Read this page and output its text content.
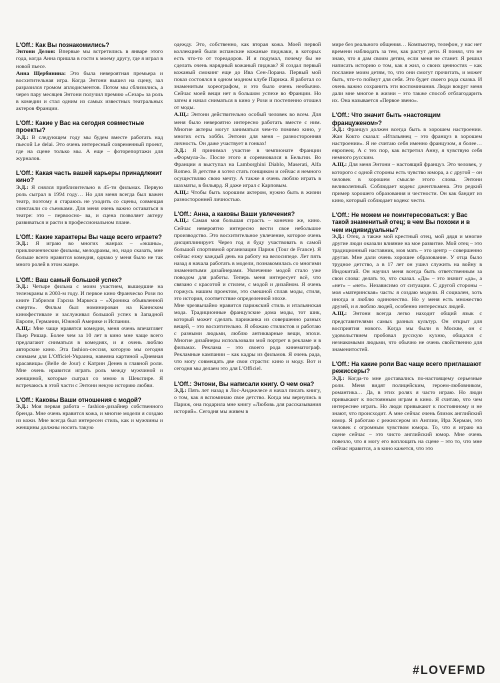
L'Off.: Как Вы познакомились?

Энтони Делон: Впервые мы встретились в январе этого года, когда Анна пришла в гости к моему другу, где я играл в новой пьесе.

Анна Щербинина: Это была невероятная премьера и восхитительная игра. Когда Энтони вышел на сцену, зал разразился громом аплодисментов. Потом мы сблизились, а через пару месяцев Энтони получил премию «Сезар» за роль в комедии и стал одним из самых известных театральных актеров Франции.

L'Off.: Какие у Вас на сегодня совместные проекты?

Э.Д.: В следующем году мы будем вместе работать над пьесой Le delai. Это очень интересный современный проект, где на сцене только мы. А еще – фоторепортажи для журналов.

L'Off.: Какая часть вашей карьеры принадлежит кино?

Э.Д.: Я снялся приблизительно в 45-ти фильмах. Первую роль сыграл в 1994 году… Но для меня всегда был важен театр, поэтому я стараюсь не уходить со сцены, совмещая спектакли со съемками. Для меня очень важно оставаться в театре: это – первоосно- ва, и сцена позволяет актеру развиваться и расти в профессиональном плане.

L'Off.: Какие характеры Вы чаще всего играете?

Э.Д.: Я играю во многих жанрах – «экшны», приключенческие фильмы, мелодрамы, но, надо сказать, мне больше всего нравится комедия, однако у меня было не так много ролей в этом жанре.

L'Off.: Ваш самый большой успех?

Э.Д.: Четыре фильма с моим участием, вышедшие на телеэкраны в 2003-м году. И первое кино Франческо Рози по книге Габриэля Гарсиа Маркеса – «Хроника объявленной смерти». Фильм был номинирован на Каннском кинофестивале и заслуживал большой успех в Западной Европе, Германии, Южной Америке и Испании.

А.Щ.: Мне чаще нравятся комедии, меня очень впечатляет Пьер Ришар. Более чем за 10 лет в кино мне чаще всего предлагают сниматься в комедиях, и я очень люблю авторские кино. Эта fashion-сессия, которую мы сегодня снимаем для L'Officiel-Украина, навеяна картиной «Дневная красавица» (Belle de Jour) с Катрин Денев в главной роли. Мне очень нравится играть роль между мужчиной и женщиной, которые сыграл со мною в Шекспире. Я встречаюсь в этой части с Энтони некую историю любви.

L'Off.: Каковы Ваши отношения с модой?

Э.Д.: Моя первая работа – fashion-дизайнер собственного бренда. Мне очень нравится кожа, и многие модели я создаю из кожи. Мне всегда был интересен стиль, как и мужчины и женщины должны носить такую

одежду. Это, собственно, как вторая кожа. Моей первой коллекцией были испанские кожаные пиджаки, в которых есть что-то от тореадоров. И я подумал, почему бы не сделать очень нарядный кожаный пиджак? Я создал первый кожаный смокинг еще до Ива Сен-Лорана. Первый мой показ состоялся в одном модном клубе Парижа. Я работал со знаменитым хореографом, и это было очень необычно. Сейчас моей вещи нет в большом успехе во Франции. Но затем я начал сниматься в кино у Рози и постепенно отошел от моды.

А.Щ.: Энтони действительно особый человек во всем. Для меня было невероятно интересно работать вместе с ним. Многие актеры могут заниматься чем-то помимо кино, у многих есть хобби. Энтони для меня – разносторонняя личность. Он даже участвует в гонках!

Э.Д.: Я принимал участие в чемпионате Франции «Формула-3». После этого я соревновался в Бельгии. Во Франции я выступал на Lamborghini Diablo, Maserati, Alfa Romeo. В детстве я хотел стать гонщиком и сейчас я немного осуществляю свою мечту. А также я очень люблю играть в шахматы, в бильярд. Я даже играл с Карповым.

А.Щ.: Чтобы быть хорошим актером, нужно быть в жизни разносторонней личностью.

L'Off.: Анна, а каковы Ваши увлечения?

А.Щ.: Самая моя большая страсть – конечно же, кино. Сейчас невероятно интересно вести свое небольшое производство. Это восхитительное увлечение, которое очень дисциплинирует. Через год я буду участвовать в самой большой спортивной организации Париж (Tour de France). Я сейчас езжу каждый день на работу на велосипеде. Лет пять назад я начала работать в модели, познакомилась со многими знаменитыми дизайнерами. Увлечение модой стало уже поводом для работы. Теперь меня интересует всё, что связано с красотой и стилем, с модой и дизайном. Я очень горжусь нашим проектом, это смешной сплав моды, стиля, это история, соответствие определенной эпохе.

Мне чрезвычайно нравится парижский стиль и итальянская мода. Традиционные французские дома моды, тот шик, который может сделать парижанка из совершенно разных вещей, – это восхитительно. Я обожаю стилистов и работаю с разными людьми, люблю антикварные вещи, эпохи. Многие дизайнеры использовали мой портрет в рекламе и в фильмах. Реклама – это своего рода кинематограф. Рекламные кампании – как кадры из фильмов. Я очень рада, что могу совмещать две свои страсти: кино и моду. Вот и сегодня мы делаем это для L'Officiel.

L'Off.: Энтони, Вы написали книгу. О чем она?

Э.Д.: Пять лет назад в Лос-Анджелесе я начал писать книгу, о том, как я вспоминаю свое детство. Когда мы вернулись в Париж, она подарила мне книгу «Любовь для рассказывания историй». Сегодня мы живем в

мире без реального общения… Компьютер, телефон, у нас нет времени наблюдать за тем, как растут дети. Я понял, что не знаю, что я дам своим детям, если меня не станет. Я решил написать историю о том, как я жил, о своих ценностях – как послание моим детям, то, что они смогут прочитать, и может быть, что-то поймут для себя. Это будет своего рода сказка. И очень важно сохранить эти воспоминания. Люди вокруг меня дали мне многое в жизни – это также способ отблагодарить их. Она называется «Первое звено».

L'Off.: Что значит быть «настоящим француженом»?

Э.Д.: Француз должен всегда быть в хорошем настроении. Жан Кокто сказал: «Итальянец – это француз в хорошем настроении». Я не считаю себя именно французом, я более… европеец. А с тех пор, как встретил Анну, я чувствую себя немного русским.

А.Щ.: Для меня Энтони – настоящий француз. Это человек, у которого с одной стороны есть чувство юмора, а с другой – он человек в хорошем смысле этого слова. Энтони великолепный. Соблюдает кодекс джентльмена. Это редкий пример хорошего образования и честности. Он как бандит из кино, который соблюдает кодекс чести.

L'Off.: Не можем не поинтересоваться: у Вас такой знаменитый отец; в чем Вы похожи и в чем индивидуальны?

Э.Д.: Отец, а также мой крестный отец, мой дядя и многие другие люди оказали влияние на мое развитие. Мой отец – это традиционный наставник, моя мать – это центр – совершенно другая. Мне дали очень хорошее образование. У отца было трудное детство, а в 17 лет он ушел служить на войну в Индокитай. Он научил меня всегда быть ответственным за свои слова: делать то, что сказал. «Да» – это значит «да», а «нет» – «нет». Независимо от ситуации. С другой стороны – моя «материнская» часть: я создаю модели. Я социален, хоть иногда и люблю одиночество. Но у меня есть множество друзей, и я люблю людей, особенно интересных людей.

А.Щ.: Энтони всегда легко находит общий язык с представителями самых разных культур. Он открыт для восприятия нового. Когда мы были в Москве, он с удовольствием пробовал русскую кухню, общался с незнакомыми людьми, что обычно не очень свойственно для знаменитостей.

L'Off.: На какие роли Вас чаще всего приглашают режиссеры?

Э.Д.: Когда-то мне доставались по-настоящему серьезные роли. Меня видят полицейским, героем-любовником, романтика… Да, в этих ролях я часто играю. Но люди привыкают к постоянным играм в кино. Я считаю, что чем интереснее играть. Но люди привыкают к постоянному и не знают, что происходит. А мне сейчас очень близок английский юмор. Я работаю с режиссером из Англии, Ира Херман, это человек с огромным чувством юмора. То, что я играю на сцене сейчас – это чисто английский юмор. Мне очень повезло, что я могу его воплощать на сцене – это то, что мне сейчас нравится, а в кино кажется, что это

#LOVEFMD
